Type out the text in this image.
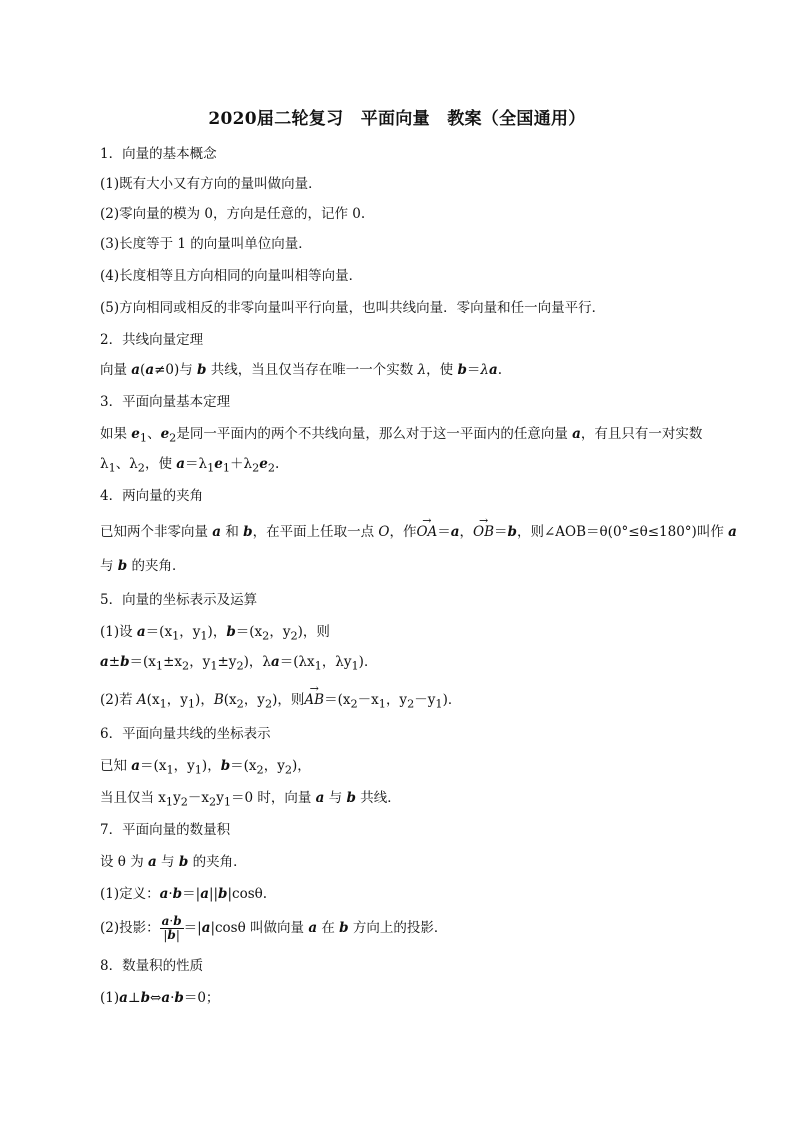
2020届二轮复习　平面向量　教案（全国通用）
1．向量的基本概念
(1)既有大小又有方向的量叫做向量．
(2)零向量的模为 0，方向是任意的，记作 0.
(3)长度等于 1 的向量叫单位向量．
(4)长度相等且方向相同的向量叫相等向量．
(5)方向相同或相反的非零向量叫平行向量，也叫共线向量．零向量和任一向量平行．
2．共线向量定理
向量 a(a≠0)与 b 共线，当且仅当存在唯一一个实数 λ，使 b＝λa.
3．平面向量基本定理
如果 $e_1$、$e_2$是同一平面内的两个不共线向量，那么对于这一平面内的任意向量 a，有且只有一对实数
$\lambda_1$、$\lambda_2$，使 $a=\lambda_1e_1+\lambda_2e_2$.
4．两向量的夹角
已知两个非零向量 a 和 b，在平面上任取一点 O，作→ OA＝a，→ OB＝b，则∠AOB＝θ(0°≤θ≤180°)叫作 a
与 b 的夹角．
5．向量的坐标表示及运算
(1)设 $a=(x_1$，$y_1$)，$b=(x_2$，$y_2$)，则
$a\pm b=(x_1\pm x_2$，$y_1\pm y_2$)，$\lambda a=(\lambda x_1$，$\lambda y_1$)．
(2)若 $A(x_1$，$y_1$)，$B(x_2$，$y_2$)，则→ $AB=(x_2-x_1$，$y_2-y_1$)．
6．平面向量共线的坐标表示
已知 $a=(x_1$，$y_1$)，$b=(x_2$，$y_2$)，
当且仅当 $x_1y_2-x_2y_1=0$ 时，向量 a 与 b 共线．
7．平面向量的数量积
设 θ 为 a 与 b 的夹角．
(1)定义：a·b＝|a||b|cosθ.
(2)投影： $\frac{a\cdot b}{|b|} =|a|\cos\theta$ 叫做向量 a 在 b 方向上的投影．
8．数量积的性质
(1)a⊥b⇔a·b＝0；
